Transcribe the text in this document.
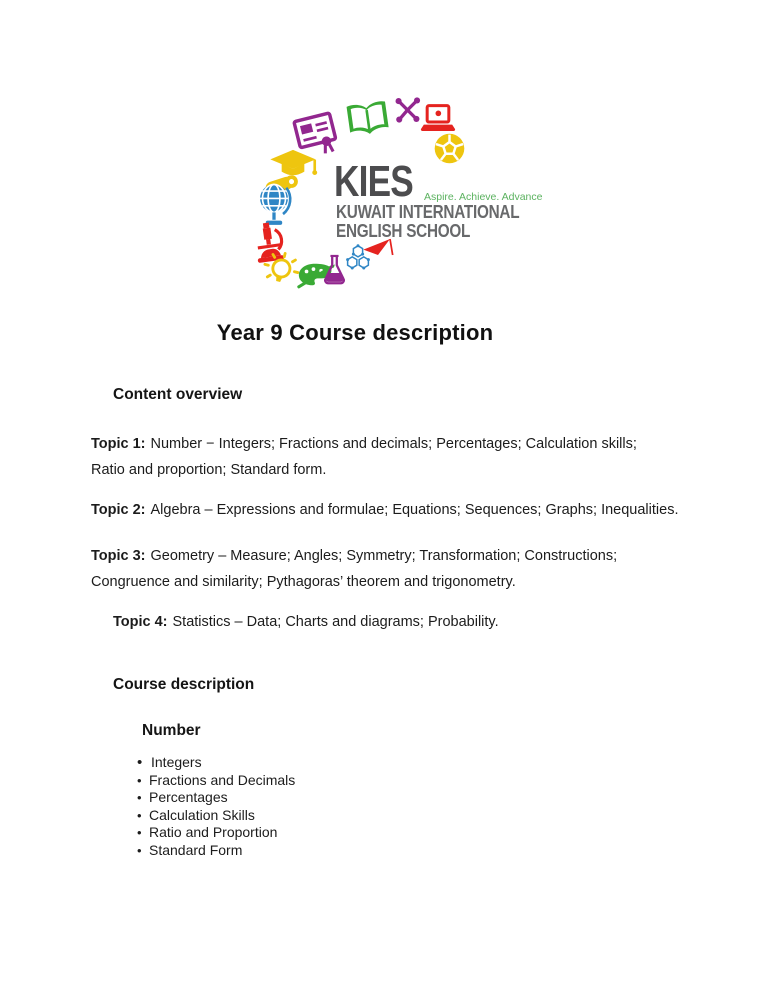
KIES Aspire. Achieve. Advance
KUWAIT INTERNATIONAL
ENGLISH SCHOOL
Year 9 Course description
Content overview

Topic 1: Number − Integers; Fractions and decimals; Percentages; Calculation skills;
Ratio and proportion; Standard form.

Topic 2: Algebra – Expressions and formulae; Equations; Sequences; Graphs; Inequalities.

Topic 3: Geometry – Measure; Angles; Symmetry; Transformation; Constructions;
Congruence and similarity; Pythagoras’ theorem and trigonometry.

Topic 4: Statistics – Data; Charts and diagrams; Probability.

Course description
Number
• Integers
• Fractions and Decimals
• Percentages
• Calculation Skills
• Ratio and Proportion
• Standard Form
